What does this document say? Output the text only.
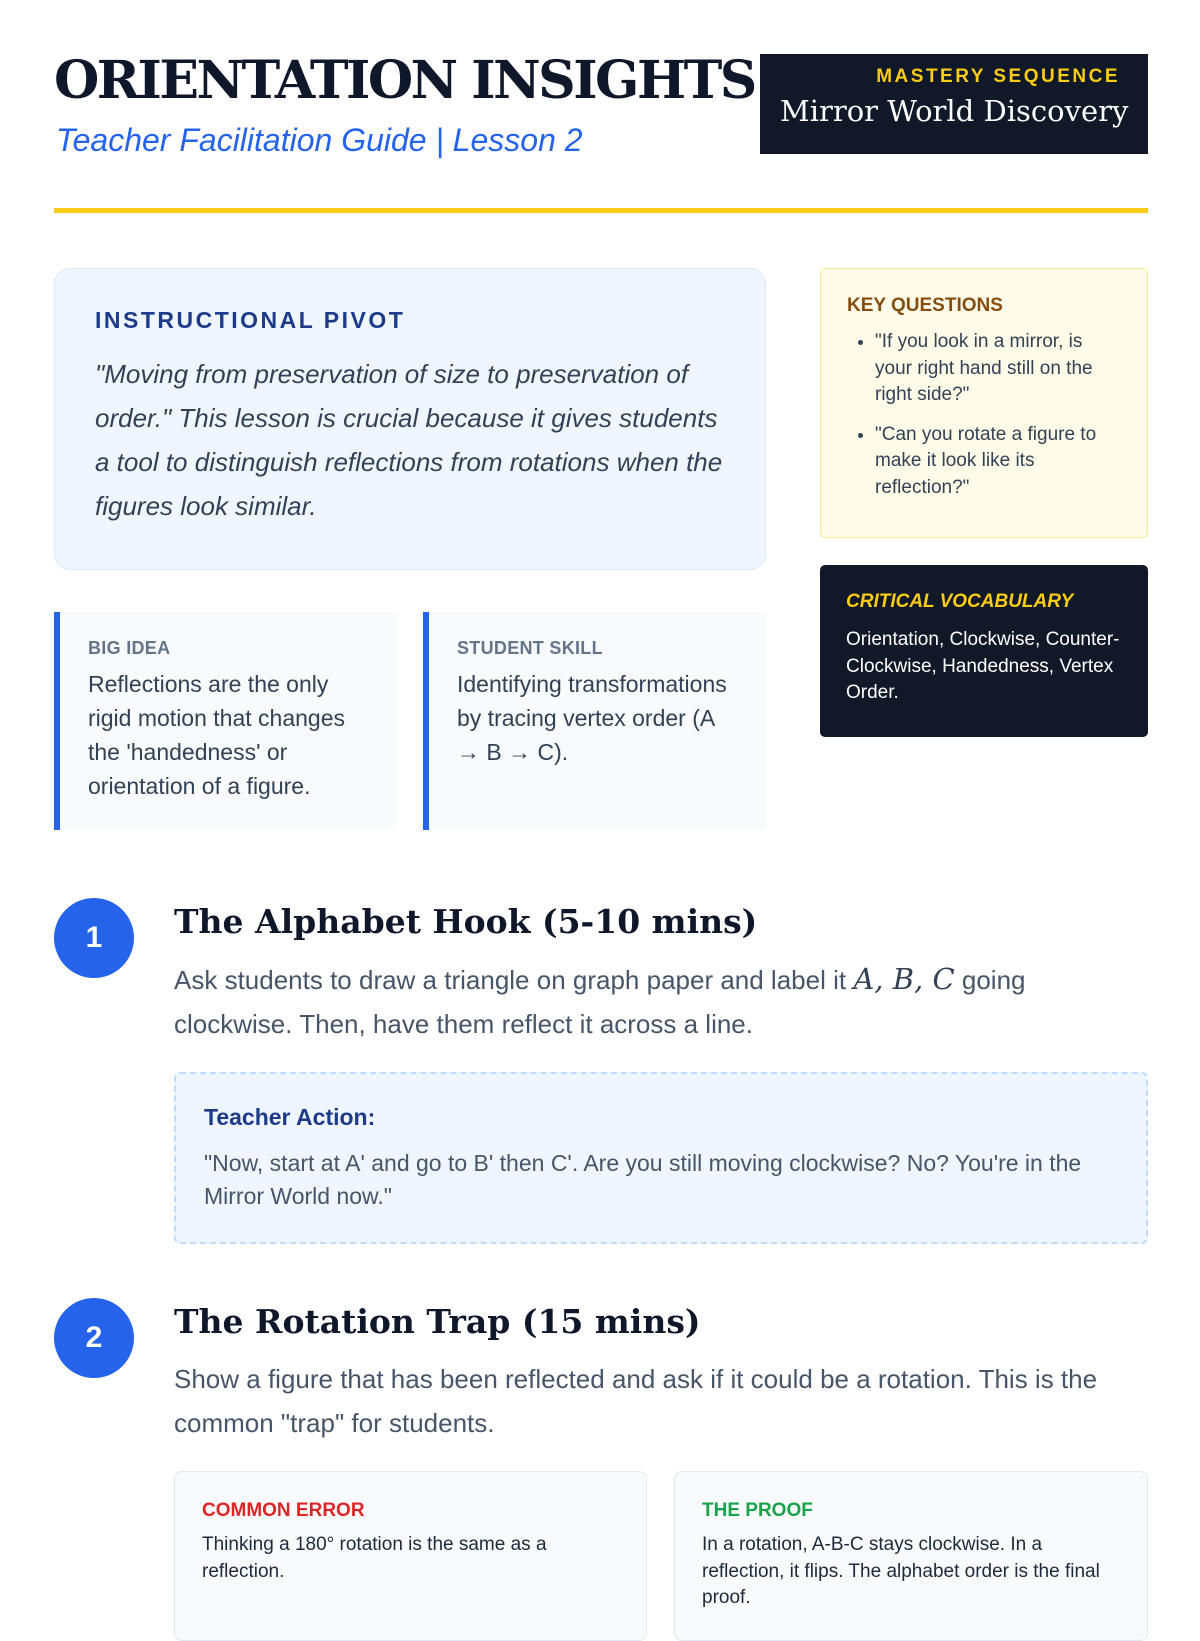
ORIENTATION INSIGHTS

Teacher Facilitation Guide | Lesson 2

MASTERY SEQUENCE
Mirror World Discovery
INSTRUCTIONAL PIVOT

"Moving from preservation of size to preservation of order." This lesson is crucial because it gives students a tool to distinguish reflections from rotations when the figures look similar.

BIG IDEA
Reflections are the only rigid motion that changes the 'handedness' or orientation of a figure.
STUDENT SKILL
Identifying transformations by tracing vertex order (A → B → C).
KEY QUESTIONS
• "If you look in a mirror, is your right hand still on the right side?"
• "Can you rotate a figure to make it look like its reflection?"
CRITICAL VOCABULARY

Orientation, Clockwise, Counter-Clockwise, Handedness, Vertex Order.

1	The Alphabet Hook (5-10 mins)

Ask students to draw a triangle on graph paper and label it A, B, C going clockwise. Then, have them reflect it across a line.

Teacher Action:
"Now, start at A' and go to B' then C'. Are you still moving clockwise? No? You're in the Mirror World now."
2	The Rotation Trap (15 mins)

Show a figure that has been reflected and ask if it could be a rotation. This is the common "trap" for students.

COMMON ERROR
Thinking a 180° rotation is the same as a reflection.
THE PROOF
In a rotation, A-B-C stays clockwise. In a reflection, it flips. The alphabet order is the final proof.
